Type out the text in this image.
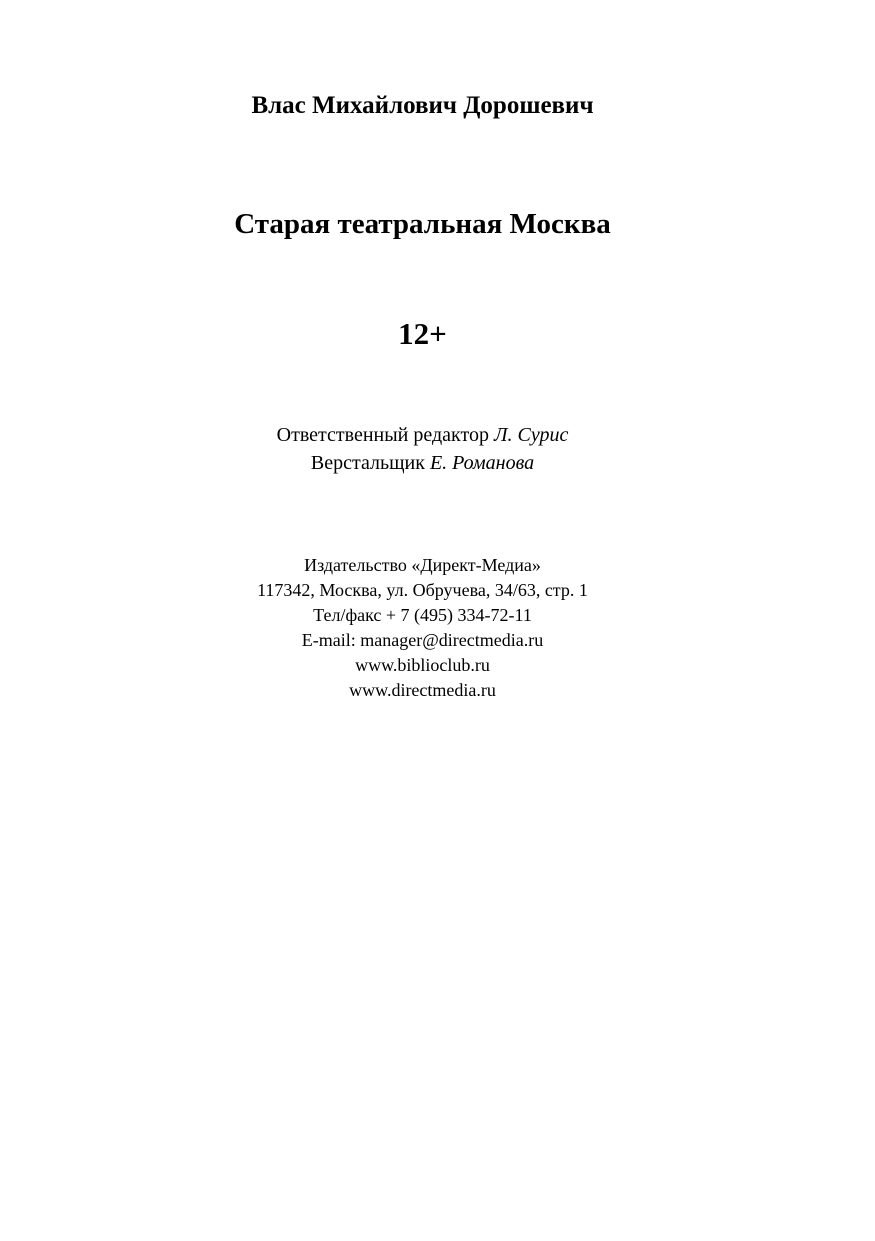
Влас Михайлович Дорошевич
Старая театральная Москва
12+
Ответственный редактор Л. Сурис
Верстальщик Е. Романова
Издательство «Директ-Медиа»
117342, Москва, ул. Обручева, 34/63, стр. 1
Тел/факс + 7 (495) 334-72-11
E-mail: manager@directmedia.ru
www.biblioclub.ru
www.directmedia.ru
